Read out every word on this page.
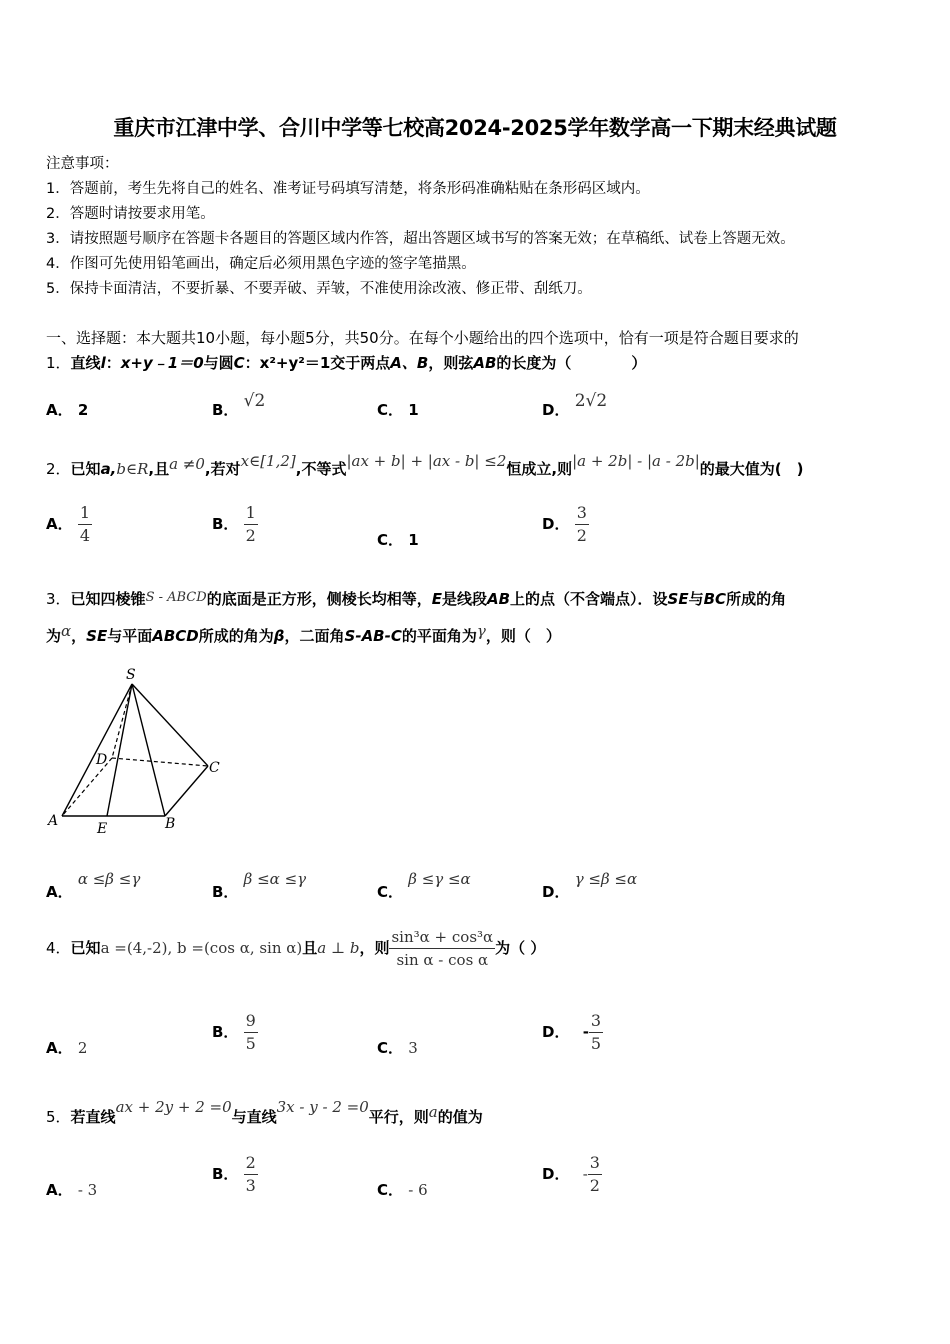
重庆市江津中学、合川中学等七校高2024-2025学年数学高一下期末经典试题
注意事项：
1．答题前，考生先将自己的姓名、准考证号码填写清楚，将条形码准确粘贴在条形码区域内。
2．答题时请按要求用笔。
3．请按照题号顺序在答题卡各题目的答题区域内作答，超出答题区域书写的答案无效；在草稿纸、试卷上答题无效。
4．作图可先使用铅笔画出，确定后必须用黑色字迹的签字笔描黑。
5．保持卡面清洁，不要折暴、不要弄破、弄皱，不准使用涂改液、修正带、刮纸刀。
一、选择题：本大题共10小题，每小题5分，共50分。在每个小题给出的四个选项中，恰有一项是符合题目要求的
1．直线l：x+y﹣1＝0与圆C：x²+y²＝1交于两点A、B，则弦AB的长度为（　　　　）
A． 2	B． √2	C． 1	D． 2√2
2．已知a,b∈R,且a ≠0,若对x∈[1,2],不等式|ax + b| + |ax - b| ≤2恒成立,则|a + 2b| - |a - 2b|的最大值为(　)
A． $\frac{1}{4}$	B． $\frac{1}{2}$	C． 1
D． $\frac{3}{2}$
3．已知四棱锥S - ABCD的底面是正方形，侧棱长均相等，E是线段AB上的点（不含端点）．设SE与BC所成的角
为α，SE与平面ABCD所成的角为β，二面角S-AB-C的平面角为γ，则（　）
S
D	C
A	E	B
A． α ≤β ≤γ
B． β ≤α ≤γ
C． β ≤γ ≤α
D． γ ≤β ≤α
4．已知a =(4,-2), b =(cos α, sin α)且a ⊥ b，则 $\frac{\text{sin³α + cos³α}}{\text{sin α - cos α}}$ 为（ ）
A． 2
B． $\frac{9}{5}$	C． 3
D． - $\frac{3}{5}$
5．若直线ax + 2y + 2 =0与直线3x - y - 2 =0平行，则a的值为
A． - 3
B． $\frac{2}{3}$	C． - 6
D． - $\frac{3}{2}$
